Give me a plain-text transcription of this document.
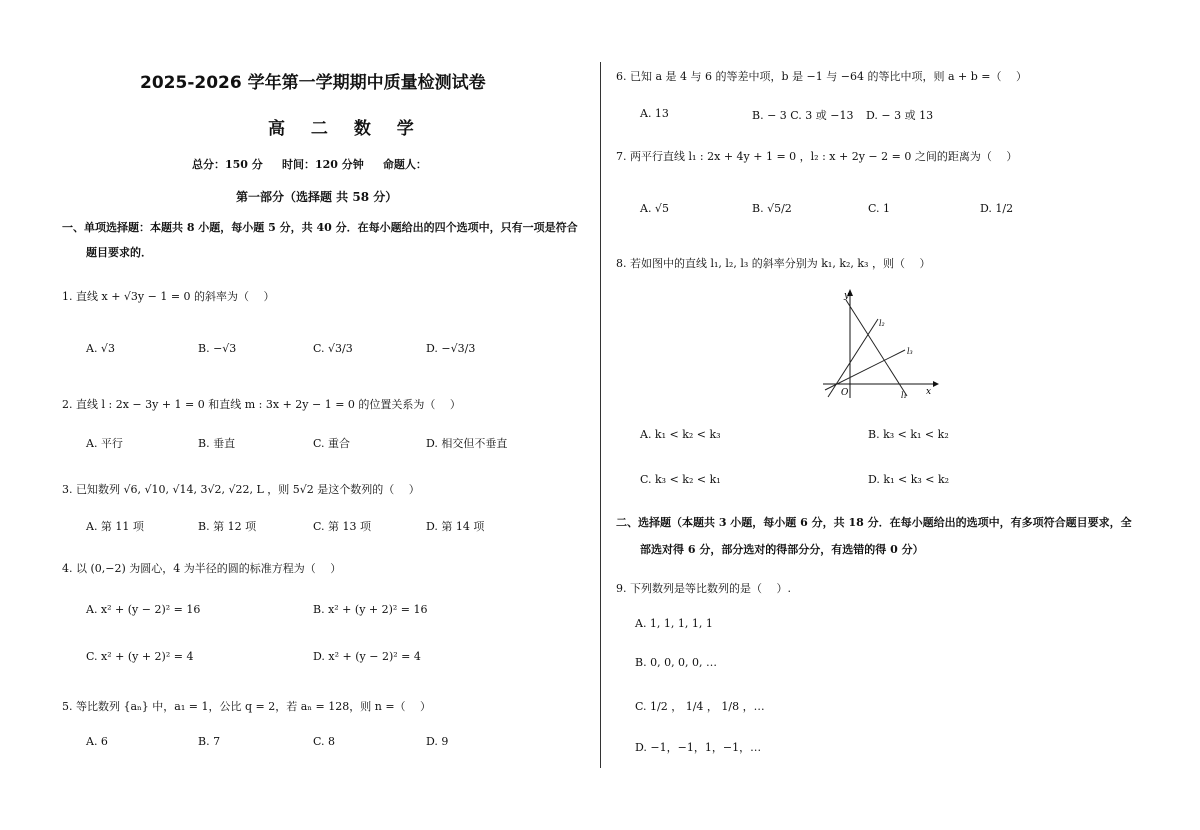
2025-2026 学年第一学期期中质量检测试卷
高 二 数 学
总分：150 分     时间：120 分钟     命题人：
第一部分（选择题 共 58 分）
一、单项选择题：本题共 8 小题，每小题 5 分，共 40 分．在每小题给出的四个选项中，只有一项是符合
题目要求的．
1. 直线 x + √3y − 1 = 0 的斜率为（　 ）
A. √3	B. −√3	C. √3/3	D. −√3/3
2. 直线 l : 2x − 3y + 1 = 0 和直线 m : 3x + 2y − 1 = 0 的位置关系为（　 ）
A. 平行	B. 垂直	C. 重合	D. 相交但不垂直
3. 已知数列 √6, √10, √14, 3√2, √22, L ，则 5√2 是这个数列的（　 ）
A. 第 11 项	B. 第 12 项	C. 第 13 项	D. 第 14 项
4. 以 (0,−2) 为圆心，4 为半径的圆的标准方程为（　 ）
A. x² + (y − 2)² = 16	B. x² + (y + 2)² = 16
C. x² + (y + 2)² = 4	D. x² + (y − 2)² = 4
5. 等比数列 {aₙ} 中，a₁ = 1，公比 q = 2，若 aₙ = 128，则 n =（　 ）
A. 6	B. 7	C. 8	D. 9
6. 已知 a 是 4 与 6 的等差中项，b 是 −1 与 −64 的等比中项，则 a + b =（　 ）
A. 13	B. − 3 C. 3 或 −13 D. − 3 或 13
7. 两平行直线 l₁ : 2x + 4y + 1 = 0 ，l₂ : x + 2y − 2 = 0 之间的距离为（　 ）
A. √5	B. √5/2	C. 1	D. 1/2
8. 若如图中的直线 l₁, l₂, l₃ 的斜率分别为 k₁, k₂, k₃ ，则（　 ）
y
x
O	l₁
l₂
l₃
A. k₁ < k₂ < k₃	B. k₃ < k₁ < k₂
C. k₃ < k₂ < k₁	D. k₁ < k₃ < k₂
二、选择题（本题共 3 小题，每小题 6 分，共 18 分．在每小题给出的选项中，有多项符合题目要求，全
部选对得 6 分，部分选对的得部分分，有选错的得 0 分）
9. 下列数列是等比数列的是（　 ）.
A. 1, 1, 1, 1, 1
B. 0, 0, 0, 0, …
C. 1/2 ， 1/4 ， 1/8 ，…
D. −1，−1，1，−1，…
